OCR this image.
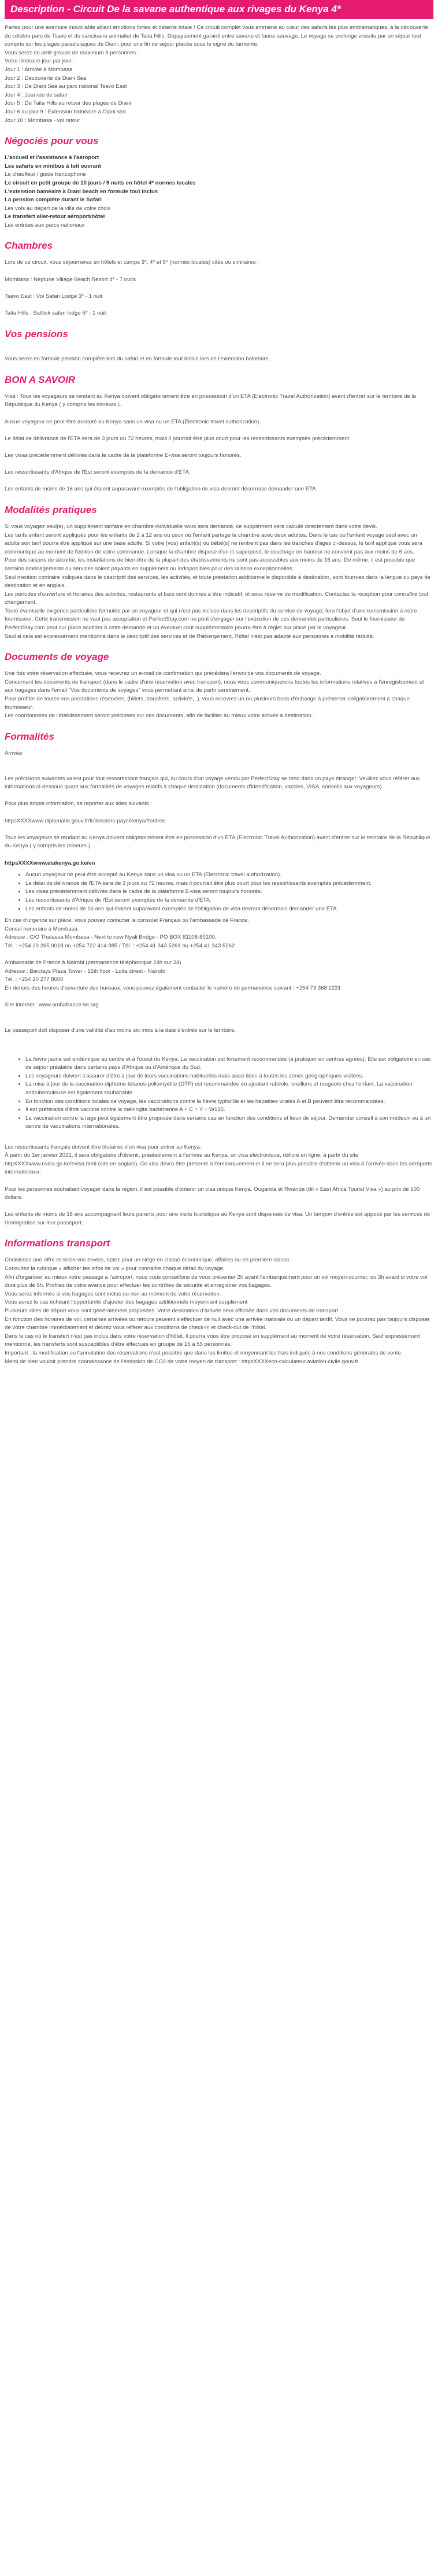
Description - Circuit De la savane authentique aux rivages du Kenya 4*

Partez pour une aventure inoubliable alliant émotions fortes et détente totale ! Ce circuit complet vous emmène au cœur des safaris les plus emblématiques, à la découverte du célèbre parc de Tsavo et du sanctuaire animalier de Taita Hills. Dépaysement garanti entre savane et faune sauvage. Le voyage se prolonge ensuite par un séjour tout compris sur les plages paradisiaques de Diani, pour une fin de séjour placée sous le signe du farniente.

Vous serez en petit groupe de maximum 6 personnes.

Votre itinéraire jour par jour :

Jour 1 : Arrivée à Mombasa

Jour 2 : Découverte de Diani Sea

Jour 3 : De Diani Sea au parc national Tsavo East

Jour 4 : Journée de safari

Jour 5 : De Taita Hills au retour des plages de Diani

Jour 6 au jour 9 : Extension balnéaire à Diani sea

Jour 10 : Mombasa - vol retour

Négociés pour vous

L'accueil et l'assistance à l'aéroport

Les safaris en minibus à toit ouvrant

Le chauffeur / guide francophone

Le circuit en petit groupe de 10 jours / 9 nuits en hôtel 4* normes locales

L'extension balnéaire à Diani beach en formule tout inclus

La pension complète durant le Safari

Les vols au départ de la ville de votre choix

Le transfert aller-retour aéroport/hôtel

Les entrées aux parcs nationaux

Chambres

Lors de ce circuit, vous séjournerez en hôtels et camps 3*, 4* et 5* (normes locales) cités ou similaires :

Mombasa : Neptune Village Beach Resort 4* - 7 nuits

Tsavo East : Voi Safari Lodge 3* - 1 nuit

Taita Hills : Saltlick safari lodge 5* - 1 nuit

Vos pensions

Vous serez en formule pension complète lors du safari et en formule tout inclus lors de l'extension balnéaire.

BON A SAVOIR

Visa : Tous les voyageurs se rendant au Kenya doivent obligatoirement être en possession d'un ETA (Electronic Travel Authorization) avant d'entrer sur le territoire de la République du Kenya ( y compris les mineurs ).

Aucun voyageur ne peut être accepté au Kenya sans un visa ou un ETA (Electronic travel authorization).

Le délai de délivrance de l'ETA sera de 3 jours ou 72 heures, mais il pourrait être plus court pour les ressortissants exemptés précédemment.

Les visas précédemment délivrés dans le cadre de la plateforme E-visa seront toujours honorés.

Les ressortissants d'Afrique de l'Est seront exemptés de la demande d'ETA.

Les enfants de moins de 16 ans qui étaient auparavant exemptés de l'obligation de visa devront désormais demander une ETA

Modalités pratiques

Si vous voyagez seul(e), un supplément tarifaire en chambre individuelle vous sera demandé, ce supplément sera calculé directement dans votre devis.

Les tarifs enfant seront appliqués pour les enfants de 2 à 12 ans ou ceux où l'enfant partage la chambre avec deux adultes. Dans le cas où l'enfant voyage seul avec un adulte son tarif pourra être appliqué sur une base adulte. Si votre (vos) enfant(s) ou bébé(s) ne rentrent pas dans les tranches d'âges ci-dessus, le tarif appliqué vous sera communiqué au moment de l'édition de votre commande. Lorsque la chambre dispose d'un lit superposé, le couchage en hauteur ne convient pas aux moins de 6 ans.

Pour des raisons de sécurité, les installations de bien-être de la plupart des établissements ne sont pas accessibles aux moins de 16 ans. De même, il est possible que certains aménagements ou services soient payants en supplément ou indisponibles pour des raisons exceptionnelles.

Seul mention contraire indiquée dans le descriptif des services, les activités, et toute prestation additionnelle disponible à destination, sont fournies dans la langue du pays de destination et en anglais.

Les périodes d'ouverture et horaires des activités, restaurants et bars sont donnés à titre indicatif, et sous réserve de modification. Contactez la réception pour connaître tout changement.

Toute éventuelle exigence particulière formulée par un voyageur et qui n'est pas incluse dans les descriptifs du service de voyage, fera l'objet d'une transmission à notre fournisseur. Cette transmission ne vaut pas acceptation et PerfectStay.com ne peut s'engager sur l'exécution de ces demandes particulières. Seul le fournisseur de PerfectStay.com peut sur place accéder à cette demande et un éventuel coût supplémentaire pourra être à régler sur place par le voyageur.

Seul si cela est expressément mentionné dans le descriptif des services et de l'hébergement, l'hôtel n'est pas adapté aux personnes à mobilité réduite.

Documents de voyage

Une fois votre réservation effectuée, vous recevrez un e-mail de confirmation qui précédera l'envoi de vos documents de voyage.

Concernant les documents de transport (dans le cadre d'une réservation avec transport), nous vous communiquerons toutes les informations relatives à l'enregistrement et aux bagages dans l'email "Vos documents de voyages" vous permettant ainsi de partir sereinement.

Pour profiter de toutes vos prestations réservées, (billets, transferts, activités,..), vous recevrez un ou plusieurs bons d'échange à présenter obligatoirement à chaque fournisseur.

Les coordonnées de l'établissement seront précisées sur ces documents, afin de faciliter au mieux votre arrivée à destination.

Formalités

Arrivée

Les précisions suivantes valent pour tout ressortissant français qui, au cours d'un voyage vendu par PerfectStay se rend dans un pays étranger. Veuillez vous référer aux informations ci-dessous quant aux formalités de voyages relatifs à chaque destination (documents d'identification, vaccins, VISA, conseils aux voyageurs).

Pour plus ample information, se reporter aux sites suivants :

httpsXXXXwww.diplomatie.gouv.fr/fr/dossiers-pays/kenya/#entree

Tous les voyageurs se rendant au Kenya doivent obligatoirement être en possession d'un ETA (Electronic Travel Authorization) avant d'entrer sur le territoire de la République du Kenya ( y compris les mineurs ).

httpsXXXXwww.etakenya.go.ke/en

• Aucun voyageur ne peut être accepté au Kenya sans un visa ou un ETA (Electronic travel authorization).
• Le délai de délivrance de l'ETA sera de 3 jours ou 72 heures, mais il pourrait être plus court pour les ressortissants exemptés précédemment.
• Les visas précédemment délivrés dans le cadre de la plateforme E-visa seront toujours honorés.
• Les ressortissants d'Afrique de l'Est seront exemptés de la demande d'ETA.
• Les enfants de moins de 16 ans qui étaient auparavant exemptés de l'obligation de visa devront désormais demander une ETA

En cas d'urgence sur place, vous pouvez contacter le consulat Français ou l'ambassade de France.

Consul honoraire à Mombasa.

Adresse : C/O Thalassa Mombasa - Next to new Nyali Bridge - PO BOX 81108-80100.

Tél. : +254 20 265 0018 ou +254 722 414 985 / Tél. : +254 41 343 5261 ou +254 41 343 5262

Ambassade de France à Nairobi (permanence téléphonique 24h sur 24)

Adresse : Barclays Plaza Tower - 15th floor - Loita street - Nairobi

Tél. : +254 20 277 8000

En dehors des heures d'ouverture des bureaux, vous pouvez également contacter le numéro de permanence suivant : +254 73 368 2231

Site internet : www.ambafrance-ke.org

Le passeport doit disposer d'une validité d'au moins six mois à la date d'entrée sur le territoire.

• La fièvre jaune est endémique au centre et à l'ouest du Kenya. La vaccination est fortement recommandée (à pratiquer en centres agréés). Elle est obligatoire en cas de séjour préalable dans certains pays d'Afrique ou d'Amérique du Sud.
• Les voyageurs doivent s'assurer d'être à jour de leurs vaccinations habituelles mais aussi liées à toutes les zones géographiques visitées.
• La mise à jour de la vaccination diphtérie-tétanos-poliomyélite (DTP) est recommandée en ajoutant rubéole, oreillons et rougeole chez l'enfant. La vaccination antituberculeuse est également souhaitable.
• En fonction des conditions locales de voyage, les vaccinations contre la fièvre typhoïde et les hépatites virales A et B peuvent être recommandées.
• Il est préférable d'être vacciné contre la méningite bactérienne A + C + Y + W135.
• La vaccination contre la rage peut également être proposée dans certains cas en fonction des conditions et lieux de séjour. Demander conseil à son médecin ou à un centre de vaccinations internationales.

Les ressortissants français doivent être titulaires d'un visa pour entrer au Kenya.

À partir du 1er janvier 2021, il sera obligatoire d'obtenir, préalablement à l'arrivée au Kenya, un visa électronique, délivré en ligne, à partir du site httpXXXXwww.evisa.go.ke/evisa.html (site en anglais). Ce visa devra être présenté à l'embarquement et il ne sera plus possible d'obtenir un visa à l'arrivée dans les aéroports internationaux.

Pour les personnes souhaitant voyager dans la région, il est possible d'obtenir un visa unique Kenya, Ouganda et Rwanda (dit « East Africa Tourist Visa ») au prix de 100 dollars.

Les enfants de moins de 16 ans accompagnant leurs parents pour une visite touristique au Kenya sont dispensés de visa. Un tampon d'entrée est apposé par les services de l'immigration sur leur passeport.

Informations transport

Choisissez une offre et selon vos envies, optez pour un siège en classe économique, affaires ou en première classe.

Consultez la rubrique « afficher les infos de vol » pour connaître chaque détail du voyage.

Afin d'organiser au mieux votre passage à l'aéroport, nous vous conseillons de vous présenter 2h avant l'embarquement pour un vol moyen-courrier, ou 3h avant si votre vol dure plus de 5h. Profitez de votre avance pour effectuer les contrôles de sécurité et enregistrer vos bagages.

Vous serez informés si vos bagages sont inclus ou non au moment de votre réservation.

Vous aurez le cas échéant l'opportunité d'ajouter des bagages additionnels moyennant supplément

Plusieurs villes de départ vous sont généralement proposées. Votre destination d'arrivée sera affichée dans vos documents de transport.

En fonction des horaires de vol, certaines arrivées ou retours peuvent s'effectuer de nuit avec une arrivée matinale ou un départ tardif. Vous ne pourrez pas toujours disposer de votre chambre immédiatement et devrez vous référer aux conditions de check-in et check-out de l'hôtel.

Dans le cas où le transfert n'est pas inclus dans votre réservation d'hôtel, il pourra vous être proposé en supplément au moment de votre réservation. Sauf expressément mentionné, les transferts sont susceptibles d'être effectués en groupe de 15 à 55 personnes.

Important : la modification ou l'annulation des réservations n'est possible que dans les limites et moyennant les frais indiqués à nos conditions générales de vente.

Merci de bien vouloir prendre connaissance de l'émission de CO2 de votre moyen de transport : httpsXXXXeco-calculateur.aviation-civile.gouv.fr
